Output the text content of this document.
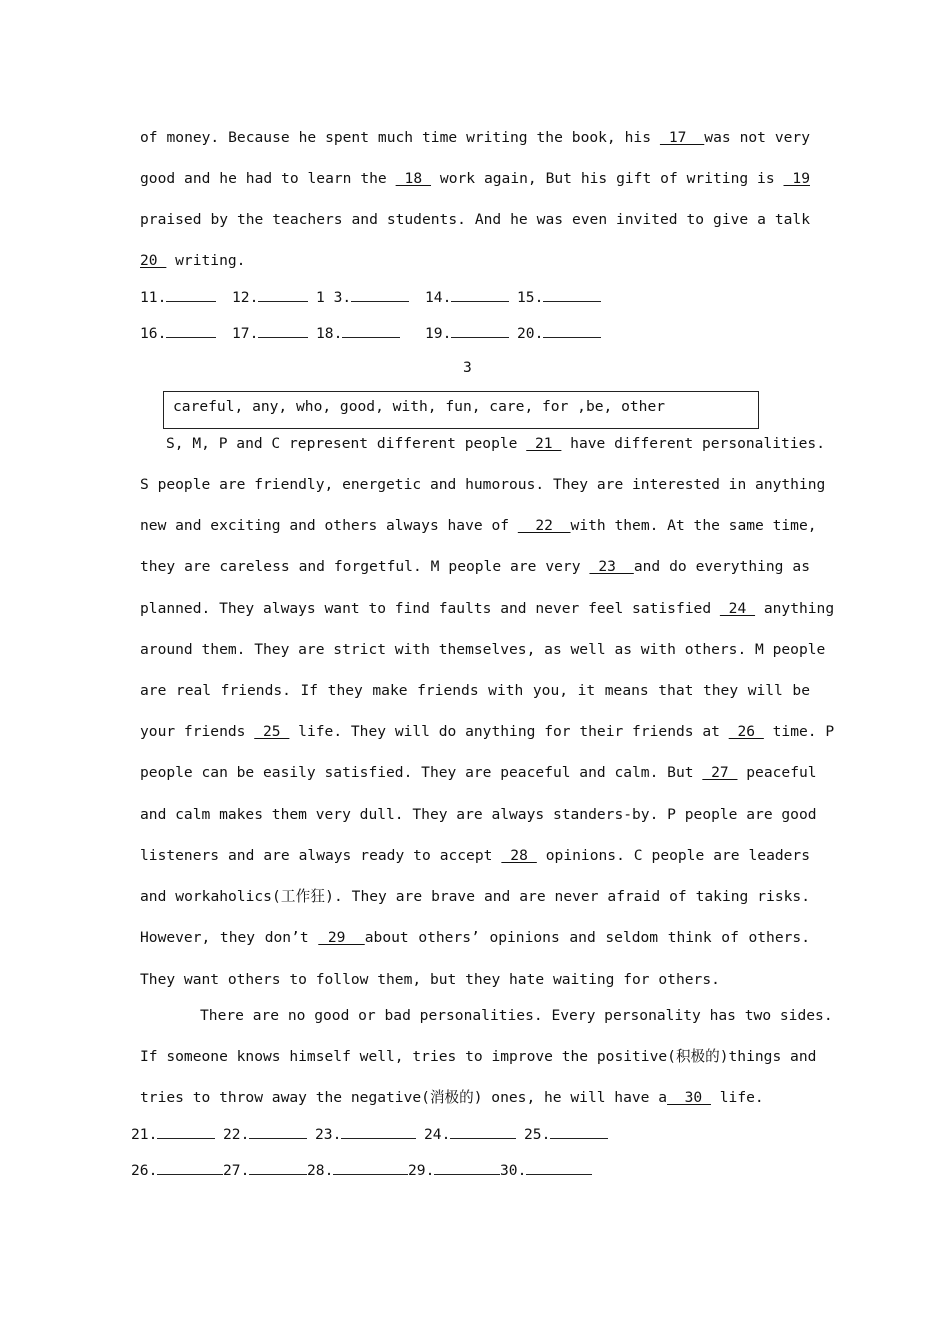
of money. Because he spent much time writing the book, his  17  was not very
good and he had to learn the  18  work again, But his gift of writing is  19
praised by the teachers and students. And he was even invited to give a talk
20  writing.
11.	12.	1 3.	14.	15.
16.	17.	18.	19.	20.
3
careful, any, who, good, with, fun, care, for ,be, other
S, M, P and C represent different people  21  have different personalities.
S people are friendly, energetic and humorous. They are interested in anything
new and exciting and others always have of   22  with them. At the same time,
they are careless and forgetful. M people are very  23  and do everything as
planned. They always want to find faults and never feel satisfied  24  anything
around them. They are strict with themselves, as well as with others. M people
are real friends. If they make friends with you, it means that they will be
your friends  25  life. They will do anything for their friends at  26  time. P
people can be easily satisfied. They are peaceful and calm. But  27  peaceful
and calm makes them very dull. They are always standers-by. P people are good
listeners and are always ready to accept  28  opinions. C people are leaders
and workaholics(工作狂). They are brave and are never afraid of taking risks.
However, they don’t  29  about others’ opinions and seldom think of others.
They want others to follow them, but they hate waiting for others.
There are no good or bad personalities. Every personality has two sides.
If someone knows himself well, tries to improve the positive(积极的)things and
tries to throw away the negative(消极的) ones, he will have a  30  life.
21.	22.	23.	24.	25.
26.	27.	28.	29.	30.
